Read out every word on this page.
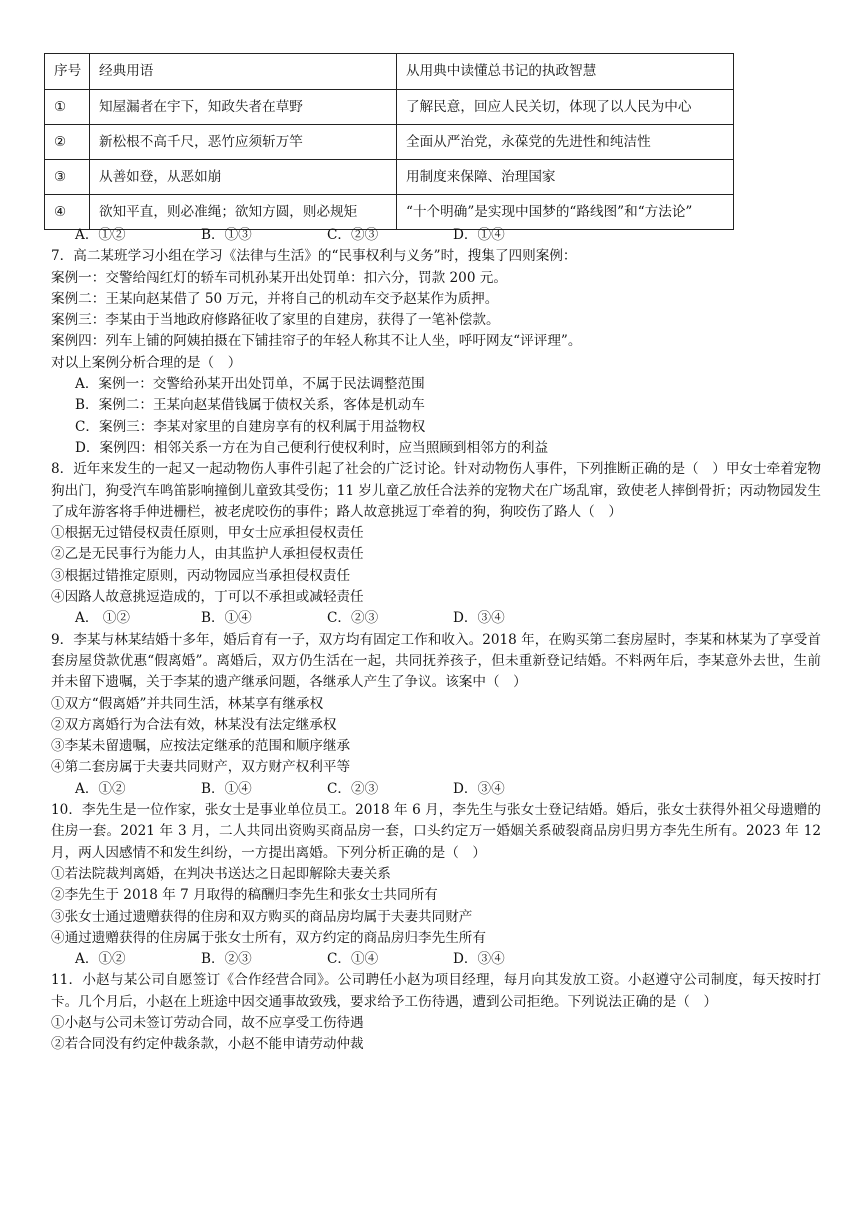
序号	经典用语	从用典中读懂总书记的执政智慧
①	知屋漏者在宇下，知政失者在草野	了解民意，回应人民关切，体现了以人民为中心
②	新松根不高千尺，恶竹应须斩万竿	全面从严治党，永葆党的先进性和纯洁性
③	从善如登，从恶如崩	用制度来保障、治理国家
④	欲知平直，则必准绳；欲知方圆，则必规矩	“十个明确”是实现中国梦的“路线图”和“方法论”
A．①②	B．①③	C．②③	D．①④
7．高二某班学习小组在学习《法律与生活》的“民事权利与义务”时，搜集了四则案例：
案例一：交警给闯红灯的轿车司机孙某开出处罚单：扣六分，罚款 200 元。
案例二：王某向赵某借了 50 万元，并将自己的机动车交予赵某作为质押。
案例三：李某由于当地政府修路征收了家里的自建房，获得了一笔补偿款。
案例四：列车上铺的阿姨拍摄在下铺挂帘子的年轻人称其不让人坐，呼吁网友“评评理”。
对以上案例分析合理的是（　）
A．案例一：交警给孙某开出处罚单，不属于民法调整范围
B．案例二：王某向赵某借钱属于债权关系，客体是机动车
C．案例三：李某对家里的自建房享有的权利属于用益物权
D．案例四：相邻关系一方在为自己便利行使权利时，应当照顾到相邻方的利益
8．近年来发生的一起又一起动物伤人事件引起了社会的广泛讨论。针对动物伤人事件，下列推断正确的是（　）甲女士牵着宠物狗出门，狗受汽车鸣笛影响撞倒儿童致其受伤；11 岁儿童乙放任合法养的宠物犬在广场乱窜，致使老人摔倒骨折；丙动物园发生了成年游客将手伸进栅栏，被老虎咬伤的事件；路人故意挑逗丁牵着的狗，狗咬伤了路人（　）
①根据无过错侵权责任原则，甲女士应承担侵权责任
②乙是无民事行为能力人，由其监护人承担侵权责任
③根据过错推定原则，丙动物园应当承担侵权责任
④因路人故意挑逗造成的，丁可以不承担或减轻责任
A． ①②	B．①④	C．②③	D．③④
9．李某与林某结婚十多年，婚后育有一子，双方均有固定工作和收入。2018 年，在购买第二套房屋时，李某和林某为了享受首套房屋贷款优惠“假离婚”。离婚后，双方仍生活在一起，共同抚养孩子，但未重新登记结婚。不料两年后，李某意外去世，生前并未留下遗嘱，关于李某的遗产继承问题，各继承人产生了争议。该案中（　）
①双方“假离婚”并共同生活，林某享有继承权
②双方离婚行为合法有效，林某没有法定继承权
③李某未留遗嘱，应按法定继承的范围和顺序继承
④第二套房属于夫妻共同财产，双方财产权利平等
A．①②	B．①④	C．②③	D．③④
10．李先生是一位作家，张女士是事业单位员工。2018 年 6 月，李先生与张女士登记结婚。婚后，张女士获得外祖父母遗赠的住房一套。2021 年 3 月，二人共同出资购买商品房一套，口头约定万一婚姻关系破裂商品房归男方李先生所有。2023 年 12 月，两人因感情不和发生纠纷，一方提出离婚。下列分析正确的是（　）
①若法院裁判离婚，在判决书送达之日起即解除夫妻关系
②李先生于 2018 年 7 月取得的稿酬归李先生和张女士共同所有
③张女士通过遗赠获得的住房和双方购买的商品房均属于夫妻共同财产
④通过遗赠获得的住房属于张女士所有，双方约定的商品房归李先生所有
A．①②	B．②③	C．①④	D．③④
11．小赵与某公司自愿签订《合作经营合同》。公司聘任小赵为项目经理，每月向其发放工资。小赵遵守公司制度，每天按时打卡。几个月后，小赵在上班途中因交通事故致残，要求给予工伤待遇，遭到公司拒绝。下列说法正确的是（　）
①小赵与公司未签订劳动合同，故不应享受工伤待遇
②若合同没有约定仲裁条款，小赵不能申请劳动仲裁
